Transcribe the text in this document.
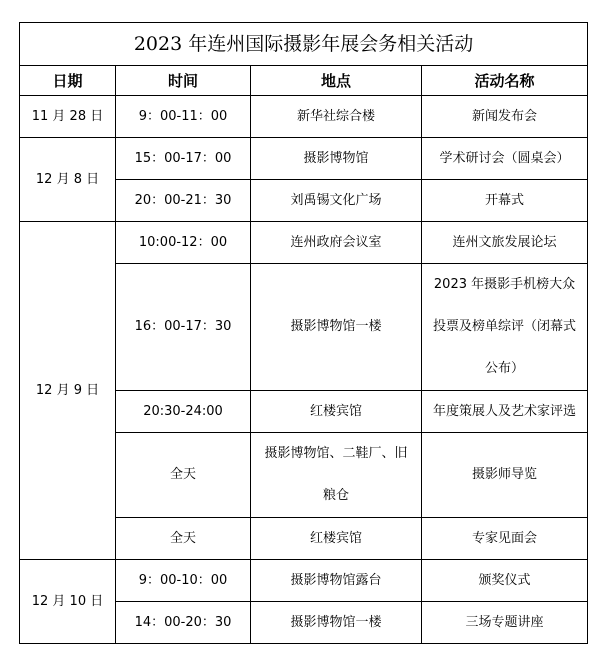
2023 年连州国际摄影年展会务相关活动			
日期	时间	地点	活动名称
11 月 28 日	9：00-11：00	新华社综合楼	新闻发布会
12 月 8 日	15：00-17：00	摄影博物馆	学术研讨会（圆桌会）
	20：00-21：30	刘禹锡文化广场	开幕式
12 月 9 日	10:00-12：00	连州政府会议室	连州文旅发展论坛
	16：00-17：30	摄影博物馆一楼	2023 年摄影手机榜大众投票及榜单综评（闭幕式公布）

	20:30-24:00	红楼宾馆	年度策展人及艺术家评选
	全天	摄影博物馆、二鞋厂、旧粮仓	摄影师导览
	全天	红楼宾馆	专家见面会
12 月 10 日	9：00-10：00	摄影博物馆露台	颁奖仪式
	14：00-20：30	摄影博物馆一楼	三场专题讲座
